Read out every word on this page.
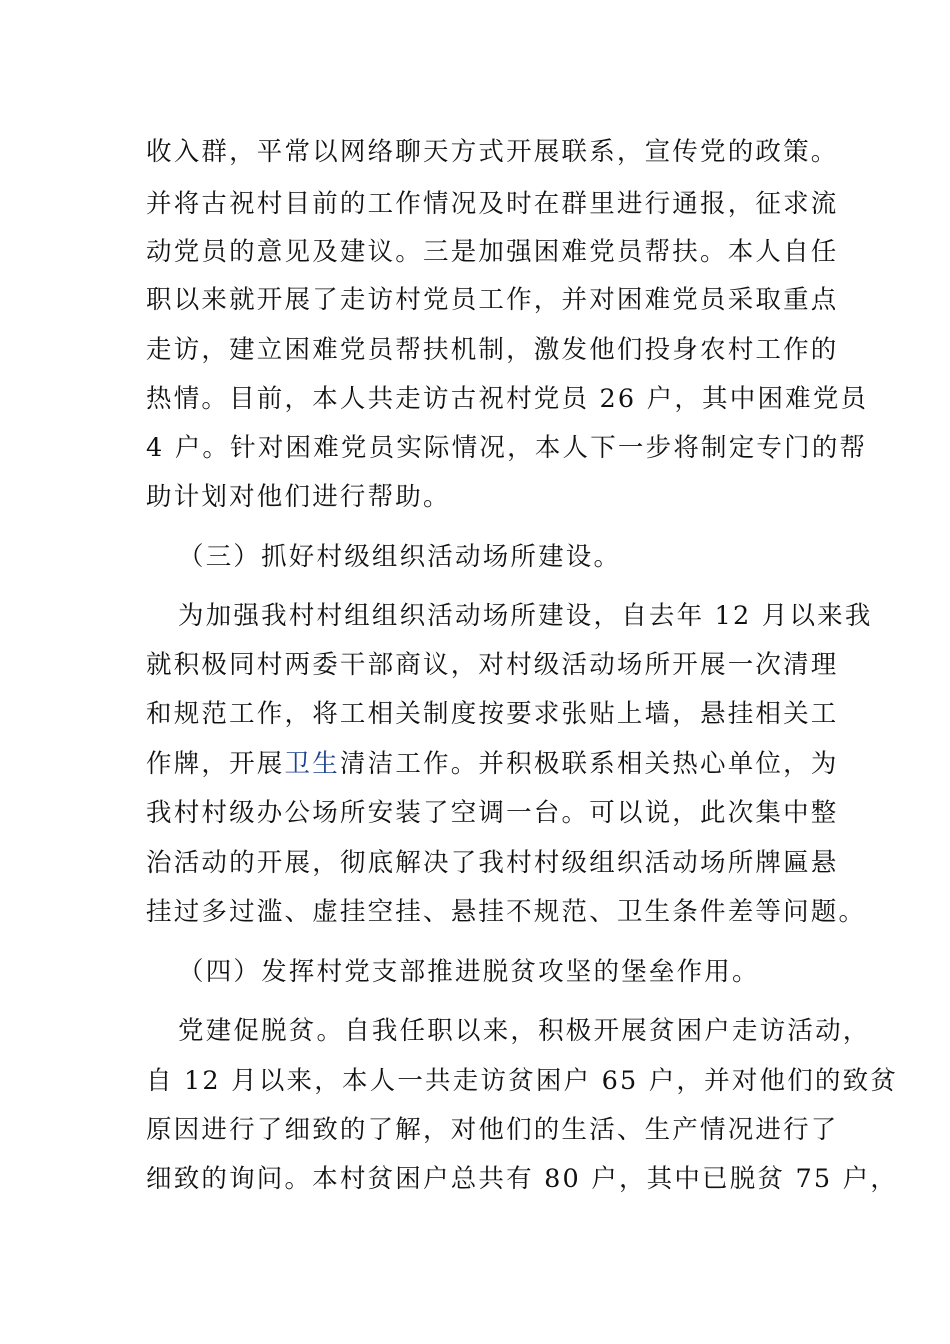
收入群，平常以网络聊天方式开展联系，宣传党的政策。
并将古祝村目前的工作情况及时在群里进行通报，征求流
动党员的意见及建议。三是加强困难党员帮扶。本人自任
职以来就开展了走访村党员工作，并对困难党员采取重点
走访，建立困难党员帮扶机制，激发他们投身农村工作的
热情。目前，本人共走访古祝村党员 26 户，其中困难党员
4 户。针对困难党员实际情况，本人下一步将制定专门的帮
助计划对他们进行帮助。
（三）抓好村级组织活动场所建设。
为加强我村村组组织活动场所建设，自去年 12 月以来我
就积极同村两委干部商议，对村级活动场所开展一次清理
和规范工作，将工相关制度按要求张贴上墙，悬挂相关工
作牌，开展卫生清洁工作。并积极联系相关热心单位，为
我村村级办公场所安装了空调一台。可以说，此次集中整
治活动的开展，彻底解决了我村村级组织活动场所牌匾悬
挂过多过滥、虚挂空挂、悬挂不规范、卫生条件差等问题。
（四）发挥村党支部推进脱贫攻坚的堡垒作用。
党建促脱贫。自我任职以来，积极开展贫困户走访活动，
自 12 月以来，本人一共走访贫困户 65 户，并对他们的致贫
原因进行了细致的了解，对他们的生活、生产情况进行了
细致的询问。本村贫困户总共有 80 户，其中已脱贫 75 户，
